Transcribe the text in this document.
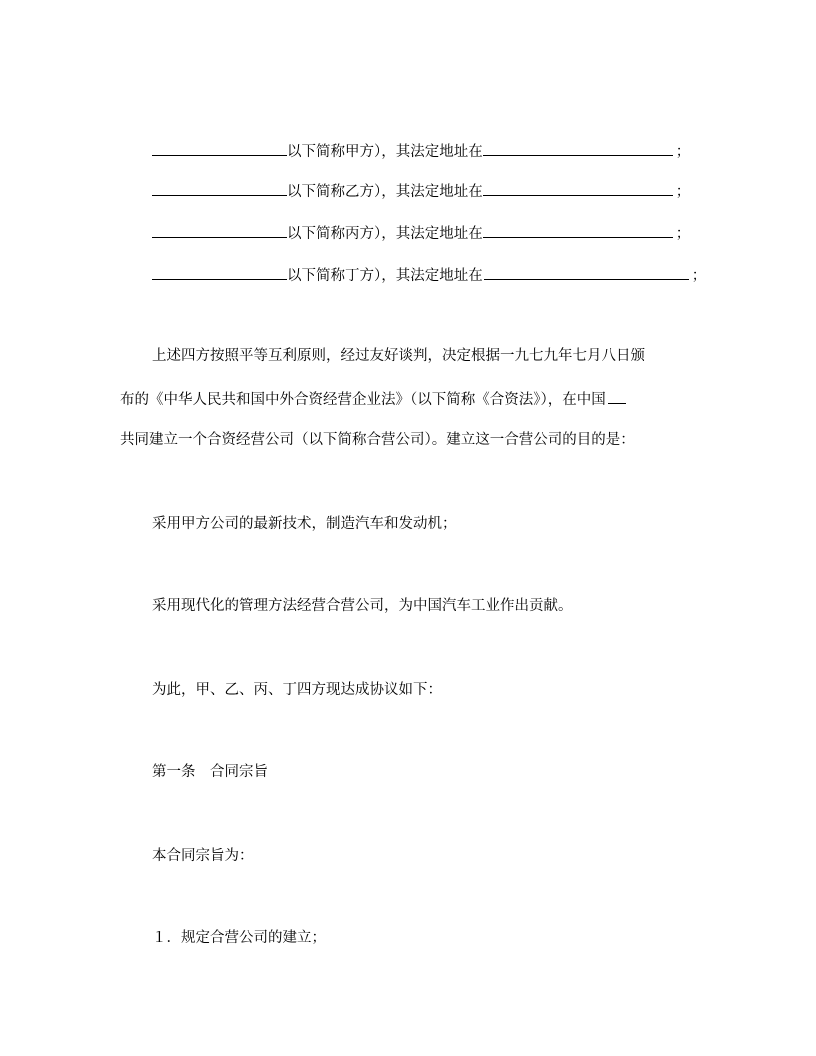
以下简称甲方），其法定地址在	；
以下简称乙方），其法定地址在	；
以下简称丙方），其法定地址在	；
以下简称丁方），其法定地址在	；
上述四方按照平等互利原则，经过友好谈判，决定根据一九七九年七月八日颁
布的《中华人民共和国中外合资经营企业法》（以下简称《合资法》），在中国
共同建立一个合资经营公司（以下简称合营公司）。建立这一合营公司的目的是：
采用甲方公司的最新技术，制造汽车和发动机；
采用现代化的管理方法经营合营公司，为中国汽车工业作出贡献。
为此，甲、乙、丙、丁四方现达成协议如下：
第一条　合同宗旨
本合同宗旨为：
１．规定合营公司的建立；
